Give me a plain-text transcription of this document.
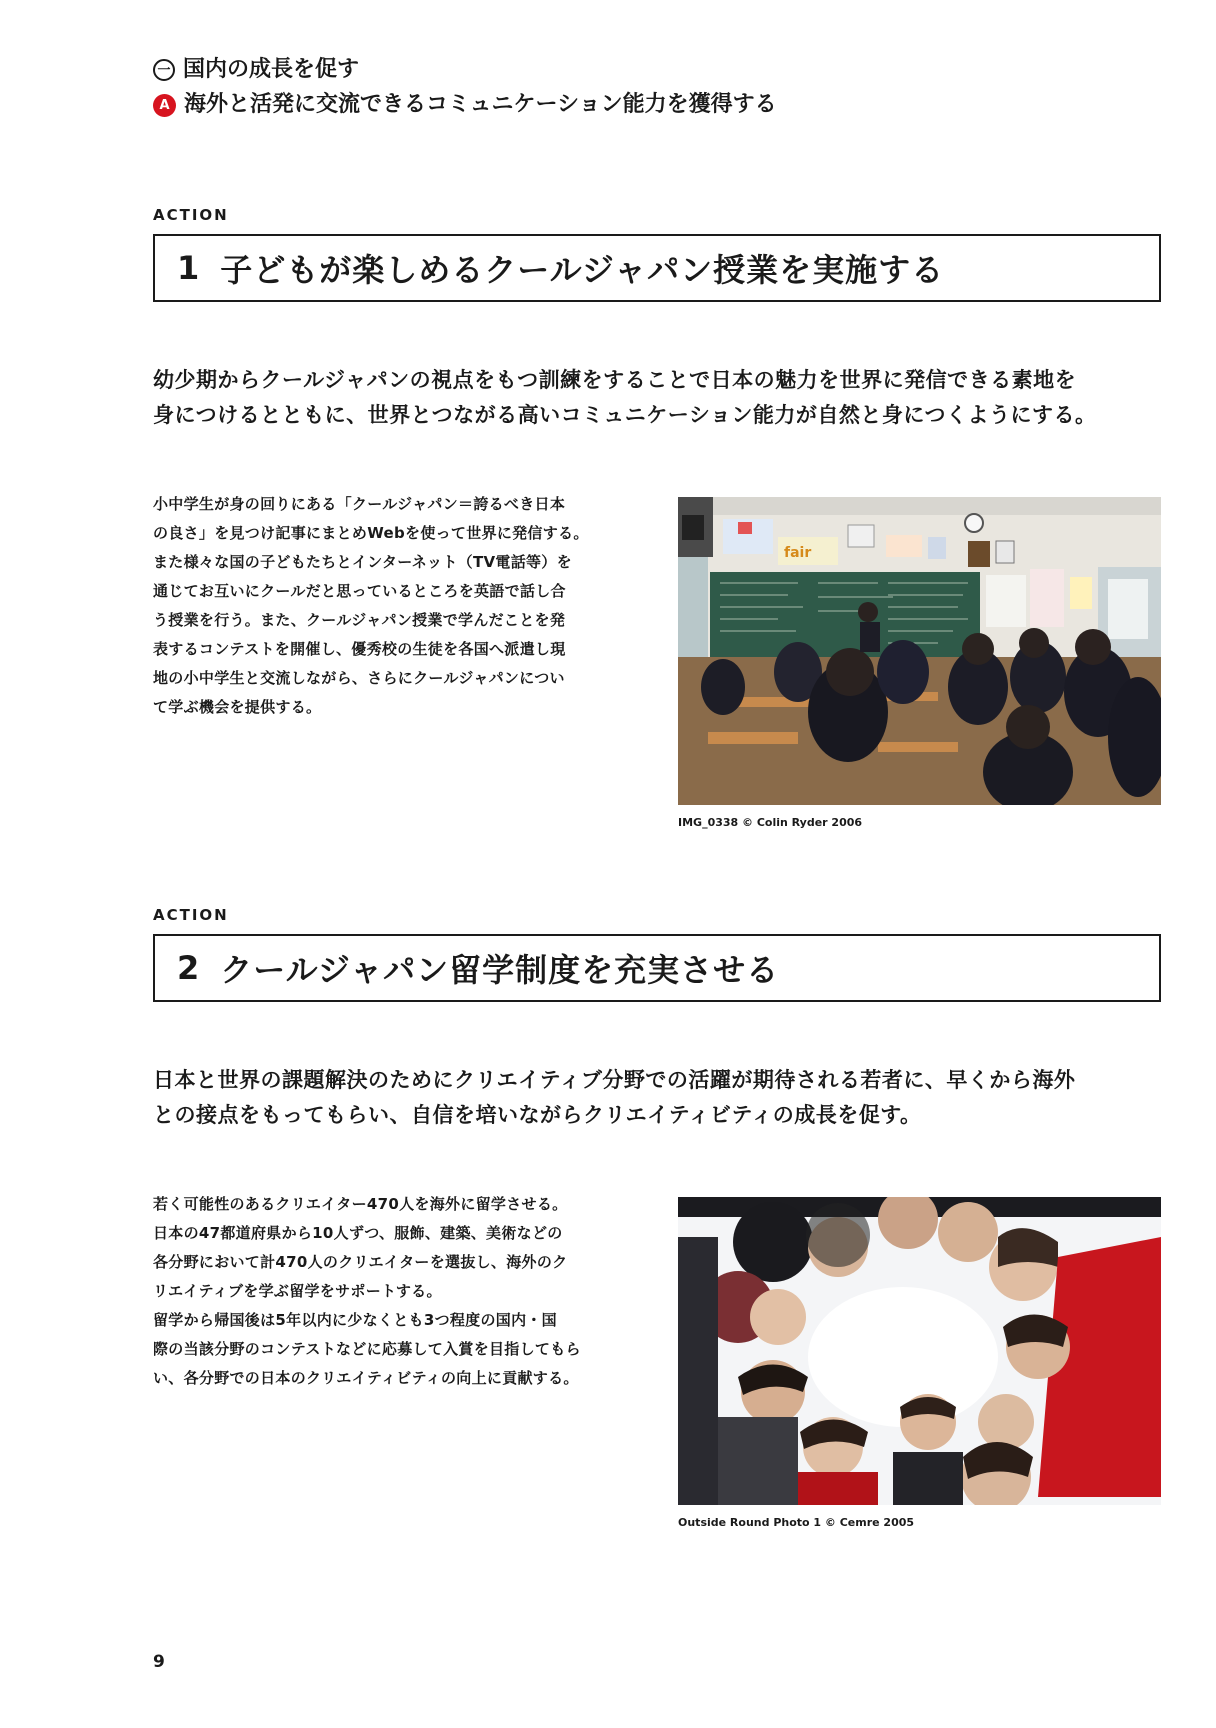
一 国内の成長を促す
A 海外と活発に交流できるコミュニケーション能力を獲得する
ACTION
1 子どもが楽しめるクールジャパン授業を実施する
幼少期からクールジャパンの視点をもつ訓練をすることで日本の魅力を世界に発信できる素地を
身につけるとともに、世界とつながる高いコミュニケーション能力が自然と身につくようにする。
小中学生が身の回りにある「クールジャパン＝誇るべき日本
の良さ」を見つけ記事にまとめWebを使って世界に発信する。
また様々な国の子どもたちとインターネット（TV電話等）を
通じてお互いにクールだと思っているところを英語で話し合
う授業を行う。また、クールジャパン授業で学んだことを発
表するコンテストを開催し、優秀校の生徒を各国へ派遣し現
地の小中学生と交流しながら、さらにクールジャパンについ
て学ぶ機会を提供する。
fair
IMG_0338 © Colin Ryder 2006
ACTION
2 クールジャパン留学制度を充実させる
日本と世界の課題解決のためにクリエイティブ分野での活躍が期待される若者に、早くから海外
との接点をもってもらい、自信を培いながらクリエイティビティの成長を促す。
若く可能性のあるクリエイター470人を海外に留学させる。
日本の47都道府県から10人ずつ、服飾、建築、美術などの
各分野において計470人のクリエイターを選抜し、海外のク
リエイティブを学ぶ留学をサポートする。
留学から帰国後は5年以内に少なくとも3つ程度の国内・国
際の当該分野のコンテストなどに応募して入賞を目指してもら
い、各分野での日本のクリエイティビティの向上に貢献する。
Outside Round Photo 1 © Cemre 2005
9
